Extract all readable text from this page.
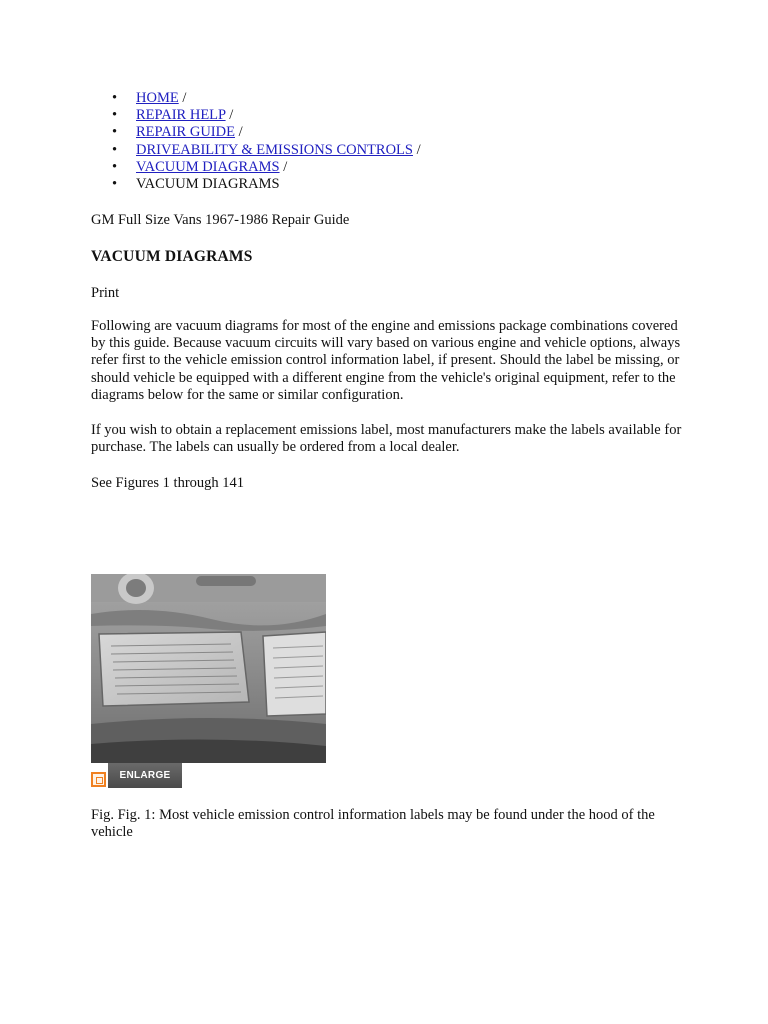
• HOME /
• REPAIR HELP /
• REPAIR GUIDE /
• DRIVEABILITY & EMISSIONS CONTROLS /
• VACUUM DIAGRAMS /
• VACUUM DIAGRAMS

GM Full Size Vans 1967-1986 Repair Guide

VACUUM DIAGRAMS

Print

Following are vacuum diagrams for most of the engine and emissions package combinations covered by this guide. Because vacuum circuits will vary based on various engine and vehicle options, always refer first to the vehicle emission control information label, if present. Should the label be missing, or should vehicle be equipped with a different engine from the vehicle's original equipment, refer to the diagrams below for the same or similar configuration.

If you wish to obtain a replacement emissions label, most manufacturers make the labels available for purchase. The labels can usually be ordered from a local dealer.

See Figures 1 through 141

ENLARGE

Fig. Fig. 1: Most vehicle emission control information labels may be found under the hood of the vehicle
